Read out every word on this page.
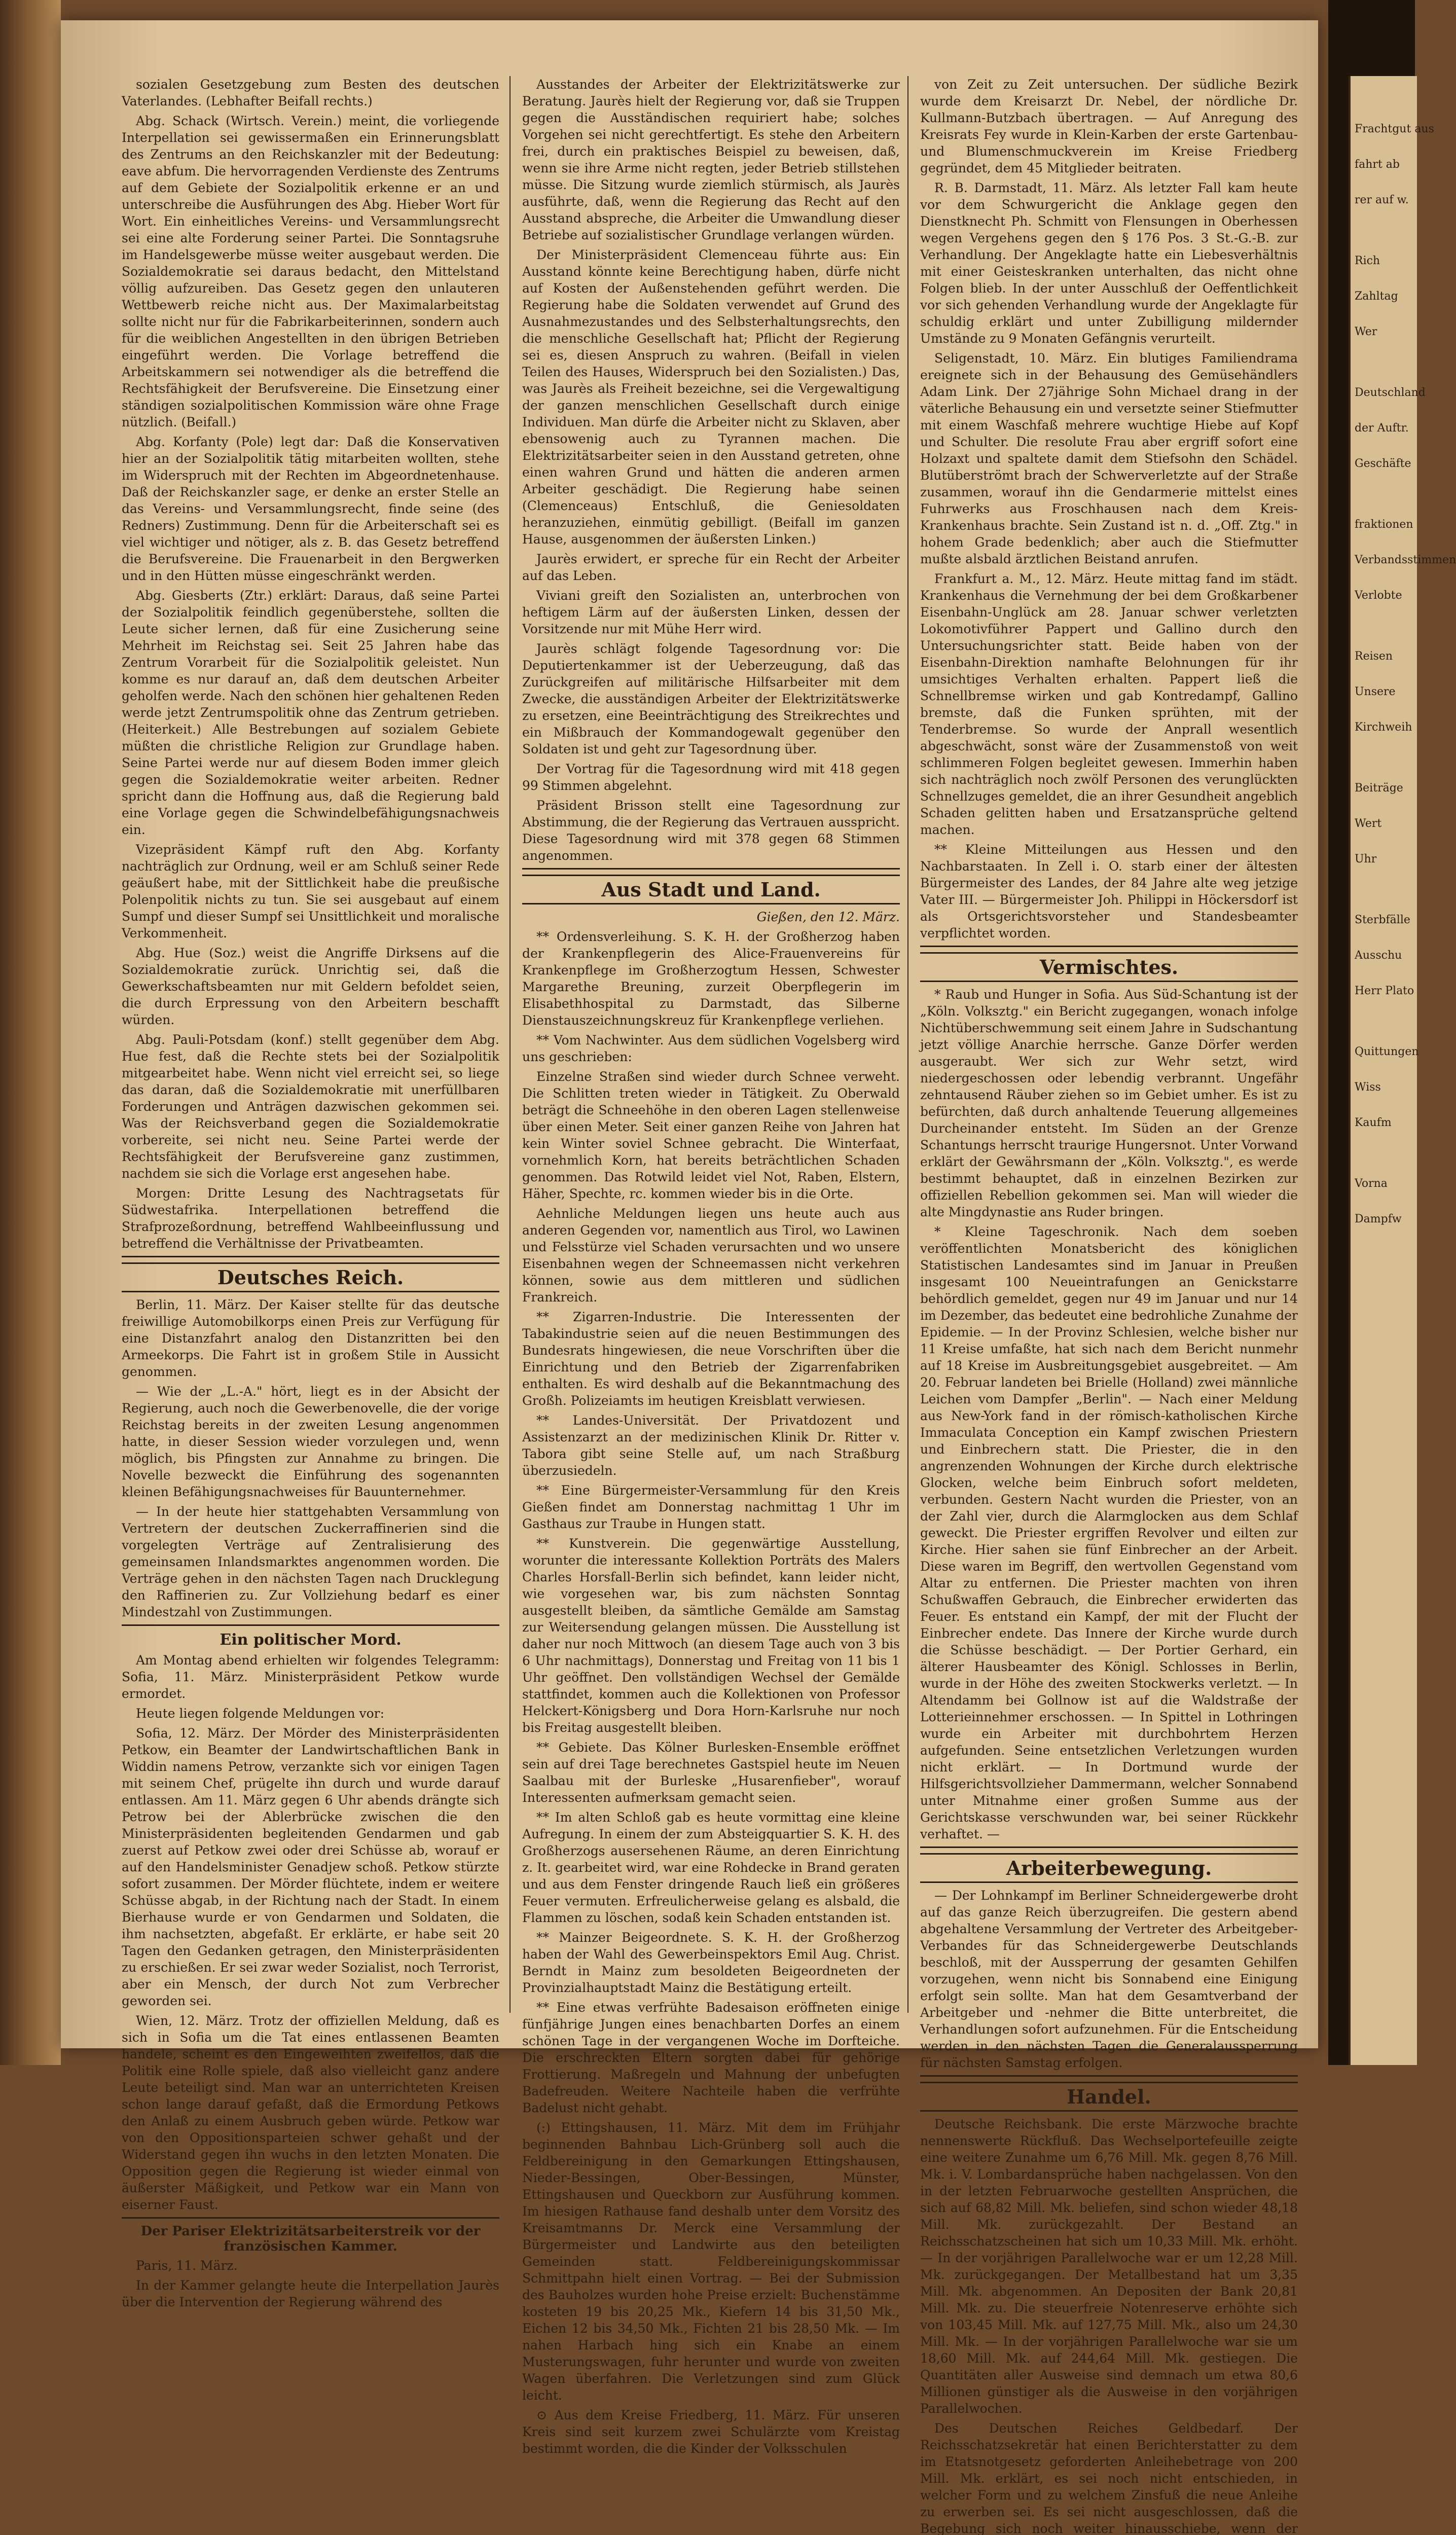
Frachtgut aus
fahrt ab
rer auf w.
Rich
Zahltag
Wer
Deutschland
der Auftr.
Geschäfte
fraktionen
Verbandsstimmen
Verlobte
Reisen
Unsere
Kirchweih
Beiträge
Wert
Uhr
Sterbfälle
Ausschu
Herr Plato
Quittungen
Wiss
Kaufm
Vorna
Dampfw

sozialen Gesetzgebung zum Besten des deutschen Vaterlandes. (Lebhafter Beifall rechts.)

Abg. Schack (Wirtsch. Verein.) meint, die vorliegende Interpellation sei gewissermaßen ein Erinnerungsblatt des Zentrums an den Reichskanzler mit der Bedeutung: eave abfum. Die hervorragenden Verdienste des Zentrums auf dem Gebiete der Sozialpolitik erkenne er an und unterschreibe die Ausführungen des Abg. Hieber Wort für Wort. Ein einheitliches Vereins- und Versammlungsrecht sei eine alte Forderung seiner Partei. Die Sonntagsruhe im Handelsgewerbe müsse weiter ausgebaut werden. Die Sozialdemokratie sei daraus bedacht, den Mittelstand völlig aufzureiben. Das Gesetz gegen den unlauteren Wettbewerb reiche nicht aus. Der Maximalarbeitstag sollte nicht nur für die Fabrikarbeiterinnen, sondern auch für die weiblichen Angestellten in den übrigen Betrieben eingeführt werden. Die Vorlage betreffend die Arbeitskammern sei notwendiger als die betreffend die Rechtsfähigkeit der Berufsvereine. Die Einsetzung einer ständigen sozialpolitischen Kommission wäre ohne Frage nützlich. (Beifall.)

Abg. Korfanty (Pole) legt dar: Daß die Konservativen hier an der Sozialpolitik tätig mitarbeiten wollten, stehe im Widerspruch mit der Rechten im Abgeordnetenhause. Daß der Reichskanzler sage, er denke an erster Stelle an das Vereins- und Versammlungsrecht, finde seine (des Redners) Zustimmung. Denn für die Arbeiterschaft sei es viel wichtiger und nötiger, als z. B. das Gesetz betreffend die Berufsvereine. Die Frauenarbeit in den Bergwerken und in den Hütten müsse eingeschränkt werden.

Abg. Giesberts (Ztr.) erklärt: Daraus, daß seine Partei der Sozialpolitik feindlich gegenüberstehe, sollten die Leute sicher lernen, daß für eine Zusicherung seine Mehrheit im Reichstag sei. Seit 25 Jahren habe das Zentrum Vorarbeit für die Sozialpolitik geleistet. Nun komme es nur darauf an, daß dem deutschen Arbeiter geholfen werde. Nach den schönen hier gehaltenen Reden werde jetzt Zentrumspolitik ohne das Zentrum getrieben. (Heiterkeit.) Alle Bestrebungen auf sozialem Gebiete müßten die christliche Religion zur Grundlage haben. Seine Partei werde nur auf diesem Boden immer gleich gegen die Sozialdemokratie weiter arbeiten. Redner spricht dann die Hoffnung aus, daß die Regierung bald eine Vorlage gegen die Schwindelbefähigungsnachweis ein.

Vizepräsident Kämpf ruft den Abg. Korfanty nachträglich zur Ordnung, weil er am Schluß seiner Rede geäußert habe, mit der Sittlichkeit habe die preußische Polenpolitik nichts zu tun. Sie sei ausgebaut auf einem Sumpf und dieser Sumpf sei Unsittlichkeit und moralische Verkommenheit.

Abg. Hue (Soz.) weist die Angriffe Dirksens auf die Sozialdemokratie zurück. Unrichtig sei, daß die Gewerkschaftsbeamten nur mit Geldern befoldet seien, die durch Erpressung von den Arbeitern beschafft würden.

Abg. Pauli-Potsdam (konf.) stellt gegenüber dem Abg. Hue fest, daß die Rechte stets bei der Sozialpolitik mitgearbeitet habe. Wenn nicht viel erreicht sei, so liege das daran, daß die Sozialdemokratie mit unerfüllbaren Forderungen und Anträgen dazwischen gekommen sei. Was der Reichsverband gegen die Sozialdemokratie vorbereite, sei nicht neu. Seine Partei werde der Rechtsfähigkeit der Berufsvereine ganz zustimmen, nachdem sie sich die Vorlage erst angesehen habe.

Morgen: Dritte Lesung des Nachtragsetats für Südwestafrika. Interpellationen betreffend die Strafprozeßordnung, betreffend Wahlbeeinflussung und betreffend die Verhältnisse der Privatbeamten.

Deutsches Reich.

Berlin, 11. März. Der Kaiser stellte für das deutsche freiwillige Automobilkorps einen Preis zur Verfügung für eine Distanzfahrt analog den Distanzritten bei den Armeekorps. Die Fahrt ist in großem Stile in Aussicht genommen.

— Wie der „L.-A." hört, liegt es in der Absicht der Regierung, auch noch die Gewerbenovelle, die der vorige Reichstag bereits in der zweiten Lesung angenommen hatte, in dieser Session wieder vorzulegen und, wenn möglich, bis Pfingsten zur Annahme zu bringen. Die Novelle bezweckt die Einführung des sogenannten kleinen Befähigungsnachweises für Bauunternehmer.

— In der heute hier stattgehabten Versammlung von Vertretern der deutschen Zuckerraffinerien sind die vorgelegten Verträge auf Zentralisierung des gemeinsamen Inlandsmarktes angenommen worden. Die Verträge gehen in den nächsten Tagen nach Drucklegung den Raffinerien zu. Zur Vollziehung bedarf es einer Mindestzahl von Zustimmungen.

Ein politischer Mord.

Am Montag abend erhielten wir folgendes Telegramm: Sofia, 11. März. Ministerpräsident Petkow wurde ermordet.

Heute liegen folgende Meldungen vor:

Sofia, 12. März. Der Mörder des Ministerpräsidenten Petkow, ein Beamter der Landwirtschaftlichen Bank in Widdin namens Petrow, verzankte sich vor einigen Tagen mit seinem Chef, prügelte ihn durch und wurde darauf entlassen. Am 11. März gegen 6 Uhr abends drängte sich Petrow bei der Ablerbrücke zwischen die den Ministerpräsidenten begleitenden Gendarmen und gab zuerst auf Petkow zwei oder drei Schüsse ab, worauf er auf den Handelsminister Genadjew schoß. Petkow stürzte sofort zusammen. Der Mörder flüchtete, indem er weitere Schüsse abgab, in der Richtung nach der Stadt. In einem Bierhause wurde er von Gendarmen und Soldaten, die ihm nachsetzten, abgefaßt. Er erklärte, er habe seit 20 Tagen den Gedanken getragen, den Ministerpräsidenten zu erschießen. Er sei zwar weder Sozialist, noch Terrorist, aber ein Mensch, der durch Not zum Verbrecher geworden sei.

Wien, 12. März. Trotz der offiziellen Meldung, daß es sich in Sofia um die Tat eines entlassenen Beamten handele, scheint es den Eingeweihten zweifellos, daß die Politik eine Rolle spiele, daß also vielleicht ganz andere Leute beteiligt sind. Man war an unterrichteten Kreisen schon lange darauf gefaßt, daß die Ermordung Petkows den Anlaß zu einem Ausbruch geben würde. Petkow war von den Oppositionsparteien schwer gehaßt und der Widerstand gegen ihn wuchs in den letzten Monaten. Die Opposition gegen die Regierung ist wieder einmal von äußerster Mäßigkeit, und Petkow war ein Mann von eiserner Faust.

Der Pariser Elektrizitätsarbeiterstreik vor der französischen Kammer.

Paris, 11. März.

In der Kammer gelangte heute die Interpellation Jaurès über die Intervention der Regierung während des

Ausstandes der Arbeiter der Elektrizitätswerke zur Beratung. Jaurès hielt der Regierung vor, daß sie Truppen gegen die Ausständischen requiriert habe; solches Vorgehen sei nicht gerechtfertigt. Es stehe den Arbeitern frei, durch ein praktisches Beispiel zu beweisen, daß, wenn sie ihre Arme nicht regten, jeder Betrieb stillstehen müsse. Die Sitzung wurde ziemlich stürmisch, als Jaurès ausführte, daß, wenn die Regierung das Recht auf den Ausstand abspreche, die Arbeiter die Umwandlung dieser Betriebe auf sozialistischer Grundlage verlangen würden.

Der Ministerpräsident Clemenceau führte aus: Ein Ausstand könnte keine Berechtigung haben, dürfe nicht auf Kosten der Außenstehenden geführt werden. Die Regierung habe die Soldaten verwendet auf Grund des Ausnahmezustandes und des Selbsterhaltungsrechts, den die menschliche Gesellschaft hat; Pflicht der Regierung sei es, diesen Anspruch zu wahren. (Beifall in vielen Teilen des Hauses, Widerspruch bei den Sozialisten.) Das, was Jaurès als Freiheit bezeichne, sei die Vergewaltigung der ganzen menschlichen Gesellschaft durch einige Individuen. Man dürfe die Arbeiter nicht zu Sklaven, aber ebensowenig auch zu Tyrannen machen. Die Elektrizitätsarbeiter seien in den Ausstand getreten, ohne einen wahren Grund und hätten die anderen armen Arbeiter geschädigt. Die Regierung habe seinen (Clemenceaus) Entschluß, die Geniesoldaten heranzuziehen, einmütig gebilligt. (Beifall im ganzen Hause, ausgenommen der äußersten Linken.)

Jaurès erwidert, er spreche für ein Recht der Arbeiter auf das Leben.

Viviani greift den Sozialisten an, unterbrochen von heftigem Lärm auf der äußersten Linken, dessen der Vorsitzende nur mit Mühe Herr wird.

Jaurès schlägt folgende Tagesordnung vor: Die Deputiertenkammer ist der Ueberzeugung, daß das Zurückgreifen auf militärische Hilfsarbeiter mit dem Zwecke, die ausständigen Arbeiter der Elektrizitätswerke zu ersetzen, eine Beeinträchtigung des Streikrechtes und ein Mißbrauch der Kommandogewalt gegenüber den Soldaten ist und geht zur Tagesordnung über.

Der Vortrag für die Tagesordnung wird mit 418 gegen 99 Stimmen abgelehnt.

Präsident Brisson stellt eine Tagesordnung zur Abstimmung, die der Regierung das Vertrauen ausspricht. Diese Tagesordnung wird mit 378 gegen 68 Stimmen angenommen.

Aus Stadt und Land.
Gießen, den 12. März.

** Ordensverleihung. S. K. H. der Großherzog haben der Krankenpflegerin des Alice-Frauenvereins für Krankenpflege im Großherzogtum Hessen, Schwester Margarethe Breuning, zurzeit Oberpflegerin im Elisabethhospital zu Darmstadt, das Silberne Dienstauszeichnungskreuz für Krankenpflege verliehen.

** Vom Nachwinter. Aus dem südlichen Vogelsberg wird uns geschrieben:

Einzelne Straßen sind wieder durch Schnee verweht. Die Schlitten treten wieder in Tätigkeit. Zu Oberwald beträgt die Schneehöhe in den oberen Lagen stellenweise über einen Meter. Seit einer ganzen Reihe von Jahren hat kein Winter soviel Schnee gebracht. Die Winterfaat, vornehmlich Korn, hat bereits beträchtlichen Schaden genommen. Das Rotwild leidet viel Not, Raben, Elstern, Häher, Spechte, rc. kommen wieder bis in die Orte.

Aehnliche Meldungen liegen uns heute auch aus anderen Gegenden vor, namentlich aus Tirol, wo Lawinen und Felsstürze viel Schaden verursachten und wo unsere Eisenbahnen wegen der Schneemassen nicht verkehren können, sowie aus dem mittleren und südlichen Frankreich.

** Zigarren-Industrie. Die Interessenten der Tabakindustrie seien auf die neuen Bestimmungen des Bundesrats hingewiesen, die neue Vorschriften über die Einrichtung und den Betrieb der Zigarrenfabriken enthalten. Es wird deshalb auf die Bekanntmachung des Großh. Polizeiamts im heutigen Kreisblatt verwiesen.

** Landes-Universität. Der Privatdozent und Assistenzarzt an der medizinischen Klinik Dr. Ritter v. Tabora gibt seine Stelle auf, um nach Straßburg überzusiedeln.

** Eine Bürgermeister-Versammlung für den Kreis Gießen findet am Donnerstag nachmittag 1 Uhr im Gasthaus zur Traube in Hungen statt.

** Kunstverein. Die gegenwärtige Ausstellung, worunter die interessante Kollektion Porträts des Malers Charles Horsfall-Berlin sich befindet, kann leider nicht, wie vorgesehen war, bis zum nächsten Sonntag ausgestellt bleiben, da sämtliche Gemälde am Samstag zur Weitersendung gelangen müssen. Die Ausstellung ist daher nur noch Mittwoch (an diesem Tage auch von 3 bis 6 Uhr nachmittags), Donnerstag und Freitag von 11 bis 1 Uhr geöffnet. Den vollständigen Wechsel der Gemälde stattfindet, kommen auch die Kollektionen von Professor Helckert-Königsberg und Dora Horn-Karlsruhe nur noch bis Freitag ausgestellt bleiben.

** Gebiete. Das Kölner Burlesken-Ensemble eröffnet sein auf drei Tage berechnetes Gastspiel heute im Neuen Saalbau mit der Burleske „Husarenfieber", worauf Interessenten aufmerksam gemacht seien.

** Im alten Schloß gab es heute vormittag eine kleine Aufregung. In einem der zum Absteigquartier S. K. H. des Großherzogs ausersehenen Räume, an deren Einrichtung z. It. gearbeitet wird, war eine Rohdecke in Brand geraten und aus dem Fenster dringende Rauch ließ ein größeres Feuer vermuten. Erfreulicherweise gelang es alsbald, die Flammen zu löschen, sodaß kein Schaden entstanden ist.

** Mainzer Beigeordnete. S. K. H. der Großherzog haben der Wahl des Gewerbeinspektors Emil Aug. Christ. Berndt in Mainz zum besoldeten Beigeordneten der Provinzialhauptstadt Mainz die Bestätigung erteilt.

** Eine etwas verfrühte Badesaison eröffneten einige fünfjährige Jungen eines benachbarten Dorfes an einem schönen Tage in der vergangenen Woche im Dorfteiche. Die erschreckten Eltern sorgten dabei für gehörige Frottierung. Maßregeln und Mahnung der unbefugten Badefreuden. Weitere Nachteile haben die verfrühte Badelust nicht gehabt.

(:) Ettingshausen, 11. März. Mit dem im Frühjahr beginnenden Bahnbau Lich-Grünberg soll auch die Feldbereinigung in den Gemarkungen Ettingshausen, Nieder-Bessingen, Ober-Bessingen, Münster, Ettingshausen und Queckborn zur Ausführung kommen. Im hiesigen Rathause fand deshalb unter dem Vorsitz des Kreisamtmanns Dr. Merck eine Versammlung der Bürgermeister und Landwirte aus den beteiligten Gemeinden statt. Feldbereinigungskommissar Schmittpahn hielt einen Vortrag. — Bei der Submission des Bauholzes wurden hohe Preise erzielt: Buchenstämme kosteten 19 bis 20,25 Mk., Kiefern 14 bis 31,50 Mk., Eichen 12 bis 34,50 Mk., Fichten 21 bis 28,50 Mk. — Im nahen Harbach hing sich ein Knabe an einem Musterungswagen, fuhr herunter und wurde von zweiten Wagen überfahren. Die Verletzungen sind zum Glück leicht.

⊙ Aus dem Kreise Friedberg, 11. März. Für unseren Kreis sind seit kurzem zwei Schulärzte vom Kreistag bestimmt worden, die die Kinder der Volksschulen

von Zeit zu Zeit untersuchen. Der südliche Bezirk wurde dem Kreisarzt Dr. Nebel, der nördliche Dr. Kullmann-Butzbach übertragen. — Auf Anregung des Kreisrats Fey wurde in Klein-Karben der erste Gartenbau- und Blumenschmuckverein im Kreise Friedberg gegründet, dem 45 Mitglieder beitraten.

R. B. Darmstadt, 11. März. Als letzter Fall kam heute vor dem Schwurgericht die Anklage gegen den Dienstknecht Ph. Schmitt von Flensungen in Oberhessen wegen Vergehens gegen den § 176 Pos. 3 St.-G.-B. zur Verhandlung. Der Angeklagte hatte ein Liebesverhältnis mit einer Geisteskranken unterhalten, das nicht ohne Folgen blieb. In der unter Ausschluß der Oeffentlichkeit vor sich gehenden Verhandlung wurde der Angeklagte für schuldig erklärt und unter Zubilligung mildernder Umstände zu 9 Monaten Gefängnis verurteilt.

Seligenstadt, 10. März. Ein blutiges Familiendrama ereignete sich in der Behausung des Gemüsehändlers Adam Link. Der 27jährige Sohn Michael drang in der väterliche Behausung ein und versetzte seiner Stiefmutter mit einem Waschfaß mehrere wuchtige Hiebe auf Kopf und Schulter. Die resolute Frau aber ergriff sofort eine Holzaxt und spaltete damit dem Stiefsohn den Schädel. Blutüberströmt brach der Schwerverletzte auf der Straße zusammen, worauf ihn die Gendarmerie mittelst eines Fuhrwerks aus Froschhausen nach dem Kreis-Krankenhaus brachte. Sein Zustand ist n. d. „Off. Ztg." in hohem Grade bedenklich; aber auch die Stiefmutter mußte alsbald ärztlichen Beistand anrufen.

Frankfurt a. M., 12. März. Heute mittag fand im städt. Krankenhaus die Vernehmung der bei dem Großkarbener Eisenbahn-Unglück am 28. Januar schwer verletzten Lokomotivführer Pappert und Gallino durch den Untersuchungsrichter statt. Beide haben von der Eisenbahn-Direktion namhafte Belohnungen für ihr umsichtiges Verhalten erhalten. Pappert ließ die Schnellbremse wirken und gab Kontredampf, Gallino bremste, daß die Funken sprühten, mit der Tenderbremse. So wurde der Anprall wesentlich abgeschwächt, sonst wäre der Zusammenstoß von weit schlimmeren Folgen begleitet gewesen. Immerhin haben sich nachträglich noch zwölf Personen des verunglückten Schnellzuges gemeldet, die an ihrer Gesundheit angeblich Schaden gelitten haben und Ersatzansprüche geltend machen.

** Kleine Mitteilungen aus Hessen und den Nachbarstaaten. In Zell i. O. starb einer der ältesten Bürgermeister des Landes, der 84 Jahre alte weg jetzige Vater III. — Bürgermeister Joh. Philippi in Höckersdorf ist als Ortsgerichtsvorsteher und Standesbeamter verpflichtet worden.

Vermischtes.

* Raub und Hunger in Sofia. Aus Süd-Schantung ist der „Köln. Volksztg." ein Bericht zugegangen, wonach infolge Nichtüberschwemmung seit einem Jahre in Sudschantung jetzt völlige Anarchie herrsche. Ganze Dörfer werden ausgeraubt. Wer sich zur Wehr setzt, wird niedergeschossen oder lebendig verbrannt. Ungefähr zehntausend Räuber ziehen so im Gebiet umher. Es ist zu befürchten, daß durch anhaltende Teuerung allgemeines Durcheinander entsteht. Im Süden an der Grenze Schantungs herrscht traurige Hungersnot. Unter Vorwand erklärt der Gewährsmann der „Köln. Volksztg.", es werde bestimmt behauptet, daß in einzelnen Bezirken zur offiziellen Rebellion gekommen sei. Man will wieder die alte Mingdynastie ans Ruder bringen.

* Kleine Tageschronik. Nach dem soeben veröffentlichten Monatsbericht des königlichen Statistischen Landesamtes sind im Januar in Preußen insgesamt 100 Neueintrafungen an Genickstarre behördlich gemeldet, gegen nur 49 im Januar und nur 14 im Dezember, das bedeutet eine bedrohliche Zunahme der Epidemie. — In der Provinz Schlesien, welche bisher nur 11 Kreise umfaßte, hat sich nach dem Bericht nunmehr auf 18 Kreise im Ausbreitungsgebiet ausgebreitet. — Am 20. Februar landeten bei Brielle (Holland) zwei männliche Leichen vom Dampfer „Berlin". — Nach einer Meldung aus New-York fand in der römisch-katholischen Kirche Immaculata Conception ein Kampf zwischen Priestern und Einbrechern statt. Die Priester, die in den angrenzenden Wohnungen der Kirche durch elektrische Glocken, welche beim Einbruch sofort meldeten, verbunden. Gestern Nacht wurden die Priester, von an der Zahl vier, durch die Alarmglocken aus dem Schlaf geweckt. Die Priester ergriffen Revolver und eilten zur Kirche. Hier sahen sie fünf Einbrecher an der Arbeit. Diese waren im Begriff, den wertvollen Gegenstand vom Altar zu entfernen. Die Priester machten von ihren Schußwaffen Gebrauch, die Einbrecher erwiderten das Feuer. Es entstand ein Kampf, der mit der Flucht der Einbrecher endete. Das Innere der Kirche wurde durch die Schüsse beschädigt. — Der Portier Gerhard, ein älterer Hausbeamter des Königl. Schlosses in Berlin, wurde in der Höhe des zweiten Stockwerks verletzt. — In Altendamm bei Gollnow ist auf die Waldstraße der Lotterieinnehmer erschossen. — In Spittel in Lothringen wurde ein Arbeiter mit durchbohrtem Herzen aufgefunden. Seine entsetzlichen Verletzungen wurden nicht erklärt. — In Dortmund wurde der Hilfsgerichtsvollzieher Dammermann, welcher Sonnabend unter Mitnahme einer großen Summe aus der Gerichtskasse verschwunden war, bei seiner Rückkehr verhaftet. —

Arbeiterbewegung.

— Der Lohnkampf im Berliner Schneidergewerbe droht auf das ganze Reich überzugreifen. Die gestern abend abgehaltene Versammlung der Vertreter des Arbeitgeber-Verbandes für das Schneidergewerbe Deutschlands beschloß, mit der Aussperrung der gesamten Gehilfen vorzugehen, wenn nicht bis Sonnabend eine Einigung erfolgt sein sollte. Man hat dem Gesamtverband der Arbeitgeber und -nehmer die Bitte unterbreitet, die Verhandlungen sofort aufzunehmen. Für die Entscheidung werden in den nächsten Tagen die Generalaussperrung für nächsten Samstag erfolgen.

Handel.

Deutsche Reichsbank. Die erste Märzwoche brachte nennenswerte Rückfluß. Das Wechselportefeuille zeigte eine weitere Zunahme um 6,76 Mill. Mk. gegen 8,76 Mill. Mk. i. V. Lombardansprüche haben nachgelassen. Von den in der letzten Februarwoche gestellten Ansprüchen, die sich auf 68,82 Mill. Mk. beliefen, sind schon wieder 48,18 Mill. Mk. zurückgezahlt. Der Bestand an Reichsschatzscheinen hat sich um 10,33 Mill. Mk. erhöht. — In der vorjährigen Parallelwoche war er um 12,28 Mill. Mk. zurückgegangen. Der Metallbestand hat um 3,35 Mill. Mk. abgenommen. An Depositen der Bank 20,81 Mill. Mk. zu. Die steuerfreie Notenreserve erhöhte sich von 103,45 Mill. Mk. auf 127,75 Mill. Mk., also um 24,30 Mill. Mk. — In der vorjährigen Parallelwoche war sie um 18,60 Mill. Mk. auf 244,64 Mill. Mk. gestiegen. Die Quantitäten aller Ausweise sind demnach um etwa 80,6 Millionen günstiger als die Ausweise in den vorjährigen Parallelwochen.

Des Deutschen Reiches Geldbedarf. Der Reichsschatzsekretär hat einen Berichterstatter zu dem im Etatsnotgesetz geforderten Anleihebetrage von 200 Mill. Mk. erklärt, es sei noch nicht entschieden, in welcher Form und zu welchem Zinsfuß die neue Anleihe zu erwerben sei. Es sei nicht ausgeschlossen, daß die Begebung sich noch weiter hinausschiebe, wenn der
